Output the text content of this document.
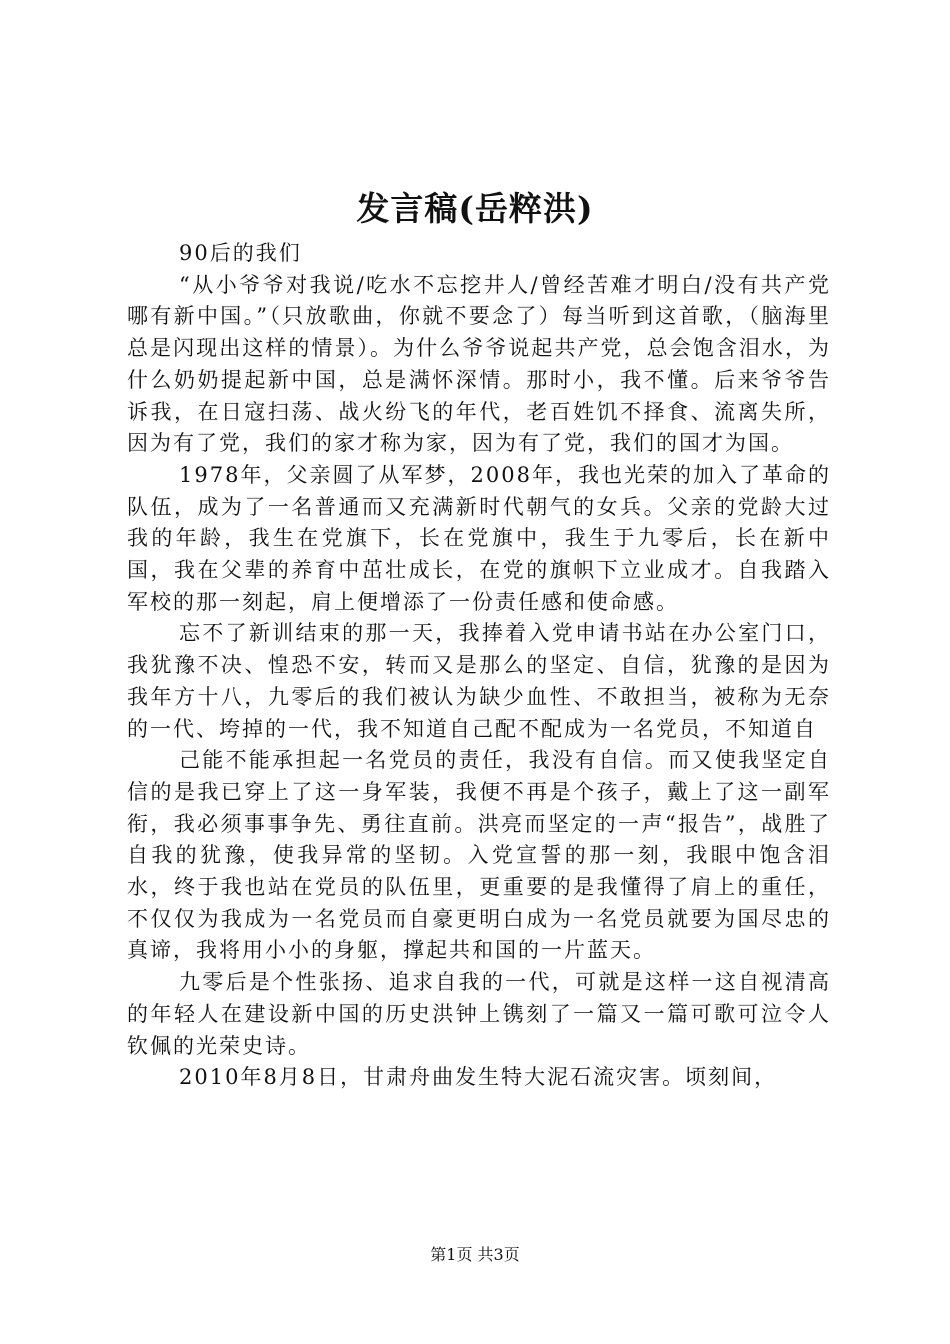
发言稿(岳粹洪)

90后的我们

“从小爷爷对我说/吃水不忘挖井人/曾经苦难才明白/没有共产党哪有新中国。”（只放歌曲，你就不要念了）每当听到这首歌，（脑海里总是闪现出这样的情景）。为什么爷爷说起共产党，总会饱含泪水，为什么奶奶提起新中国，总是满怀深情。那时小，我不懂。后来爷爷告诉我，在日寇扫荡、战火纷飞的年代，老百姓饥不择食、流离失所，因为有了党，我们的家才称为家，因为有了党，我们的国才为国。

1978年，父亲圆了从军梦，2008年，我也光荣的加入了革命的队伍，成为了一名普通而又充满新时代朝气的女兵。父亲的党龄大过我的年龄，我生在党旗下，长在党旗中，我生于九零后，长在新中国，我在父辈的养育中茁壮成长，在党的旗帜下立业成才。自我踏入军校的那一刻起，肩上便增添了一份责任感和使命感。

忘不了新训结束的那一天，我捧着入党申请书站在办公室门口，我犹豫不决、惶恐不安，转而又是那么的坚定、自信，犹豫的是因为我年方十八，九零后的我们被认为缺少血性、不敢担当，被称为无奈的一代、垮掉的一代，我不知道自己配不配成为一名党员，不知道自

己能不能承担起一名党员的责任，我没有自信。而又使我坚定自信的是我已穿上了这一身军装，我便不再是个孩子，戴上了这一副军衔，我必须事事争先、勇往直前。洪亮而坚定的一声“报告”，战胜了自我的犹豫，使我异常的坚韧。入党宣誓的那一刻，我眼中饱含泪水，终于我也站在党员的队伍里，更重要的是我懂得了肩上的重任，不仅仅为我成为一名党员而自豪更明白成为一名党员就要为国尽忠的真谛，我将用小小的身躯，撑起共和国的一片蓝天。

九零后是个性张扬、追求自我的一代，可就是这样一这自视清高的年轻人在建设新中国的历史洪钟上镌刻了一篇又一篇可歌可泣令人钦佩的光荣史诗。

2010年8月8日，甘肃舟曲发生特大泥石流灾害。顷刻间，

第1页 共3页
